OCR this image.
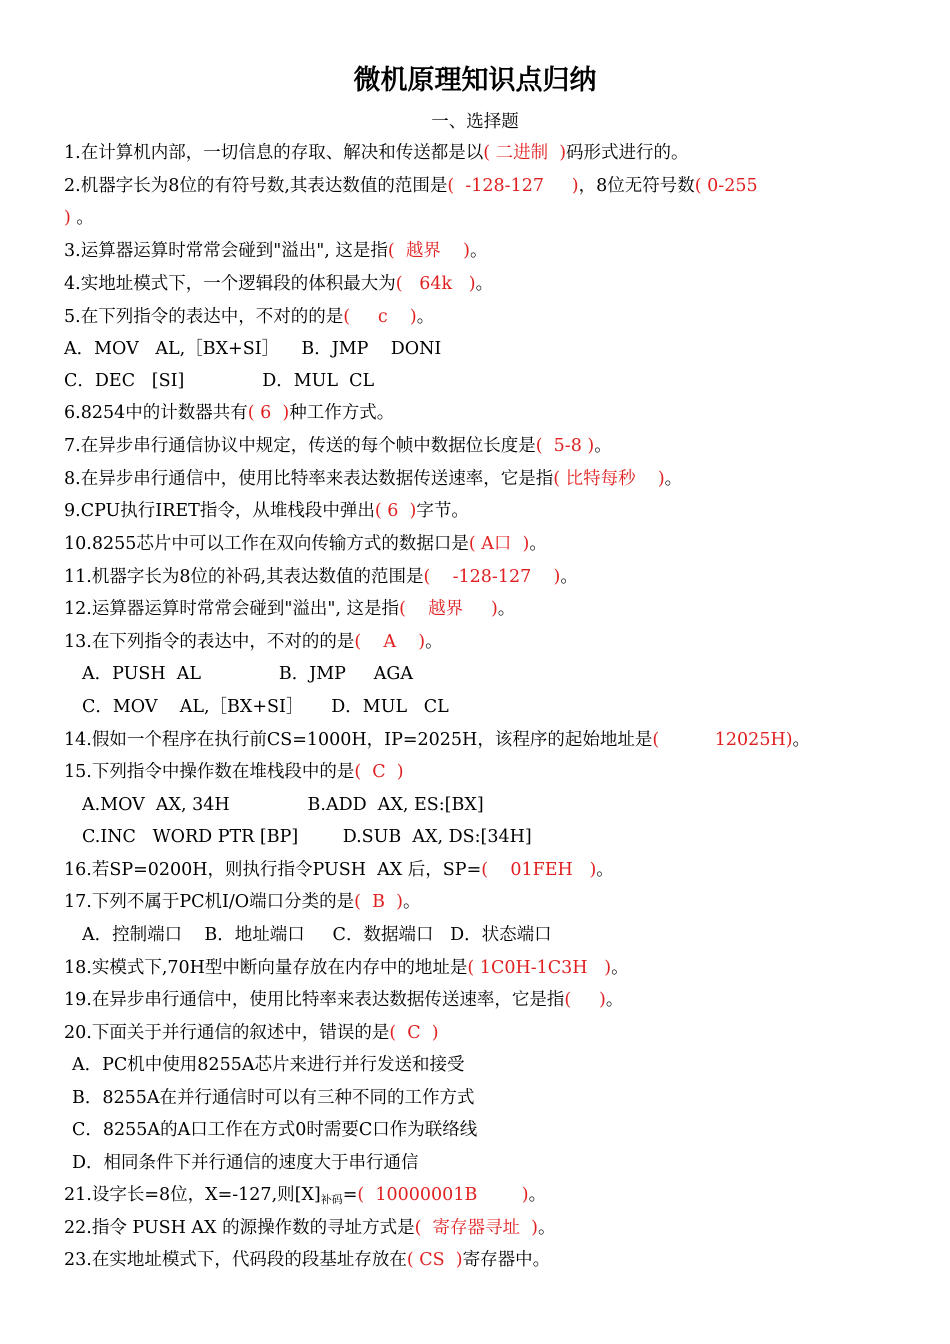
微机原理知识点归纳
一、选择题
1.在计算机内部，一切信息的存取、解决和传送都是以( 二进制  )码形式进行的。
2.机器字长为8位的有符号数,其表达数值的范围是(  -128-127     )，8位无符号数( 0-255
) 。
3.运算器运算时常常会碰到"溢出", 这是指(  越界    )。
4.实地址模式下，一个逻辑段的体积最大为(   64k   )。
5.在下列指令的表达中，不对的的是(     c    )。
A．MOV   AL,［BX+SI］    B．JMP    DONI
C．DEC   [SI]              D．MUL  CL
6.8254中的计数器共有( 6  )种工作方式。
7.在异步串行通信协议中规定，传送的每个帧中数据位长度是(  5-8 )。
8.在异步串行通信中，使用比特率来表达数据传送速率，它是指( 比特每秒    )。
9.CPU执行IRET指令，从堆栈段中弹出( 6  )字节。
10.8255芯片中可以工作在双向传输方式的数据口是( A口  )。
11.机器字长为8位的补码,其表达数值的范围是(    -128-127    )。
12.运算器运算时常常会碰到"溢出", 这是指(    越界     )。
13.在下列指令的表达中，不对的的是(    A    )。
A．PUSH  AL              B．JMP     AGA
C．MOV    AL,［BX+SI］     D．MUL   CL
14.假如一个程序在执行前CS=1000H，IP=2025H，该程序的起始地址是(          12025H)。
15.下列指令中操作数在堆栈段中的是(  C  )
A.MOV  AX, 34H              B.ADD  AX, ES:[BX]
C.INC   WORD PTR [BP]        D.SUB  AX, DS:[34H]
16.若SP=0200H，则执行指令PUSH  AX 后，SP=(    01FEH   )。
17.下列不属于PC机I/O端口分类的是(  B  )。
A．控制端口    B．地址端口     C．数据端口   D．状态端口
18.实模式下,70H型中断向量存放在内存中的地址是( 1C0H-1C3H   )。
19.在异步串行通信中，使用比特率来表达数据传送速率，它是指(     )。
20.下面关于并行通信的叙述中，错误的是(  C  )
A．PC机中使用8255A芯片来进行并行发送和接受
B．8255A在并行通信时可以有三种不同的工作方式
C．8255A的A口工作在方式0时需要C口作为联络线
D．相同条件下并行通信的速度大于串行通信
21.设字长=8位，X=-127,则$[X]_{补码}=$(  10000001B        )。
22.指令 PUSH AX 的源操作数的寻址方式是(  寄存器寻址  )。
23.在实地址模式下，代码段的段基址存放在( CS  )寄存器中。
